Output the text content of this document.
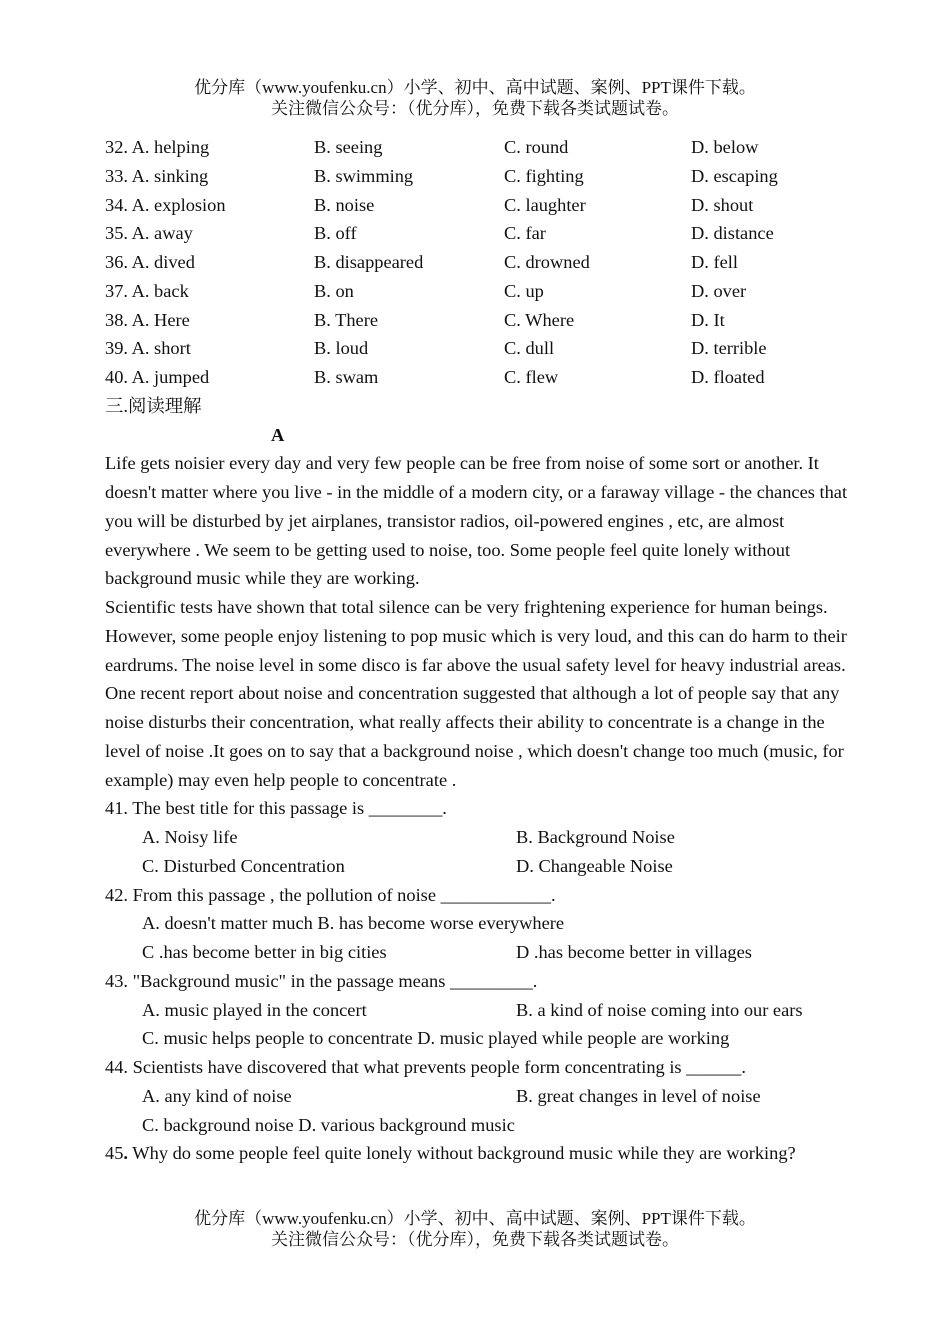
优分库（www.youfenku.cn）小学、初中、高中试题、案例、PPT课件下载。
关注微信公众号：（优分库），免费下载各类试题试卷。
32. A. helping	B. seeing	C. round	D. below
33. A. sinking	B. swimming	C. fighting	D. escaping
34. A. explosion	B. noise	C. laughter	D. shout
35. A. away	B. off	C. far	D. distance
36. A. dived	B. disappeared	C. drowned	D. fell
37. A. back	B. on	C. up	D. over
38. A. Here	B. There	C. Where	D. It
39. A. short	B. loud	C. dull	D. terrible
40. A. jumped	B. swam	C. flew	D. floated
三.阅读理解
A

Life gets noisier every day and very few people can be free from noise of some sort or another. It doesn't matter where you live - in the middle of a modern city, or a faraway village - the chances that you will be disturbed by jet airplanes, transistor radios, oil-powered engines , etc, are almost everywhere . We seem to be getting used to noise, too. Some people feel quite lonely without background music while they are working.

Scientific tests have shown that total silence can be very frightening experience for human beings. However, some people enjoy listening to pop music which is very loud, and this can do harm to their eardrums. The noise level in some disco is far above the usual safety level for heavy industrial areas.

One recent report about noise and concentration suggested that although a lot of people say that any noise disturbs their concentration, what really affects their ability to concentrate is a change in the level of noise .It goes on to say that a background noise , which doesn't change too much (music, for example) may even help people to concentrate .

41. The best title for this passage is ________.
A. Noisy life	B. Background Noise
C. Disturbed Concentration	D. Changeable Noise
42. From this passage , the pollution of noise ____________.
A. doesn't matter much B. has become worse everywhere
C .has become better in big cities	D .has become better in villages
43. "Background music" in the passage means _________.
A. music played in the concert	B. a kind of noise coming into our ears
C. music helps people to concentrate D. music played while people are working
44. Scientists have discovered that what prevents people form concentrating is ______.
A. any kind of noise	B. great changes in level of noise
C. background noise D. various background music
45. Why do some people feel quite lonely without background music while they are working?
优分库（www.youfenku.cn）小学、初中、高中试题、案例、PPT课件下载。
关注微信公众号：（优分库），免费下载各类试题试卷。
